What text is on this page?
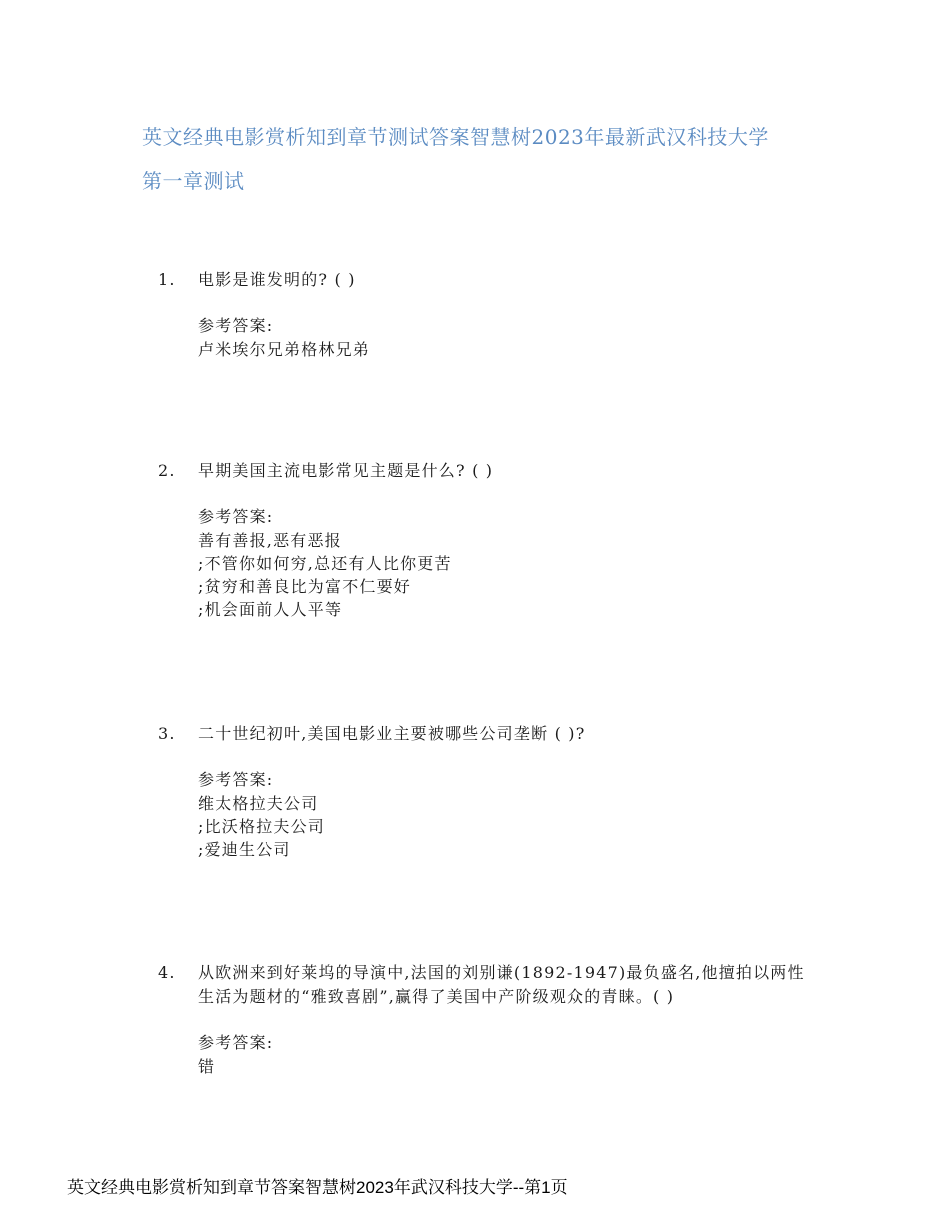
英文经典电影赏析知到章节测试答案智慧树2023年最新武汉科技大学
第一章测试
1.	电影是谁发明的? ( )
参考答案:
卢米埃尔兄弟格林兄弟
2.	早期美国主流电影常见主题是什么? ( )
参考答案:
善有善报,恶有恶报
;不管你如何穷,总还有人比你更苦
;贫穷和善良比为富不仁要好
;机会面前人人平等
3.	二十世纪初叶,美国电影业主要被哪些公司垄断 ( )?
参考答案:
维太格拉夫公司
;比沃格拉夫公司
;爱迪生公司
4.	从欧洲来到好莱坞的导演中,法国的刘别谦(1892-1947)最负盛名,他擅拍以两性生活为题材的“雅致喜剧”,赢得了美国中产阶级观众的青睐。( )
参考答案:
错
英文经典电影赏析知到章节答案智慧树2023年武汉科技大学--第1页
